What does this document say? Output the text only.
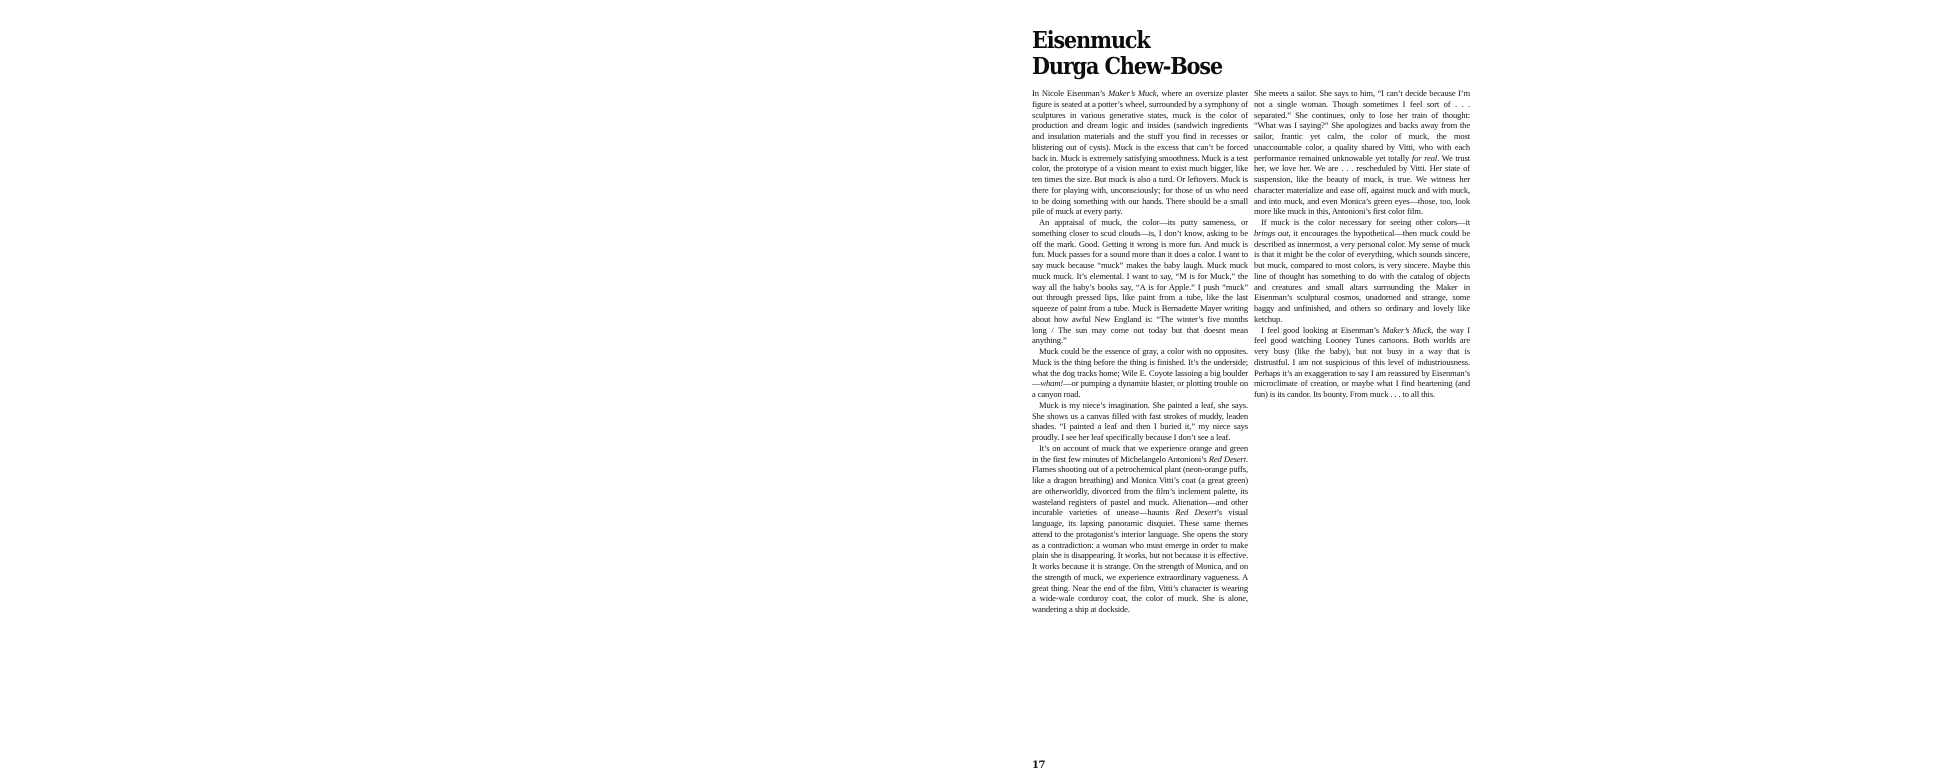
Eisenmuck
Durga Chew-Bose

In Nicole Eisenman’s Maker’s Muck, where an oversize plaster figure is seated at a potter’s wheel, surrounded by a symphony of sculptures in various generative states, muck is the color of production and dream logic and insides (sandwich ingredients and insulation materials and the stuff you find in recesses or blistering out of cysts). Muck is the excess that can’t be forced back in. Muck is extremely satisfying smoothness. Muck is a test color, the prototype of a vision meant to exist much bigger, like ten times the size. But muck is also a turd. Or leftovers. Muck is there for playing with, unconsciously; for those of us who need to be doing something with our hands. There should be a small pile of muck at every party.

An appraisal of muck, the color—its putty sameness, or something closer to scud clouds—is, I don’t know, asking to be off the mark. Good. Getting it wrong is more fun. And muck is fun. Muck passes for a sound more than it does a color. I want to say muck because “muck” makes the baby laugh. Muck muck muck muck. It’s elemental. I want to say, “M is for Muck,” the way all the baby’s books say, “A is for Apple.” I push “muck” out through pressed lips, like paint from a tube, like the last squeeze of paint from a tube. Muck is Bernadette Mayer writing about how awful New England is: “The winter’s five months long / The sun may come out today but that doesnt mean anything.”

Muck could be the essence of gray, a color with no opposites. Muck is the thing before the thing is finished. It’s the underside; what the dog tracks home; Wile E. Coyote lassoing a big boulder—wham!—or pumping a dynamite blaster, or plotting trouble on a canyon road.

Muck is my niece’s imagination. She painted a leaf, she says. She shows us a canvas filled with fast strokes of muddy, leaden shades. “I painted a leaf and then I buried it,” my niece says proudly. I see her leaf specifically because I don’t see a leaf.

It’s on account of muck that we experience orange and green in the first few minutes of Michelangelo Antonioni’s Red Desert. Flames shooting out of a petrochemical plant (neon-orange puffs, like a dragon breathing) and Monica Vitti’s coat (a great green) are otherworldly, divorced from the film’s inclement palette, its wasteland registers of pastel and muck. Alienation—and other incurable varieties of unease—haunts Red Desert’s visual language, its lapsing panoramic disquiet. These same themes attend to the protagonist’s interior language. She opens the story as a contradiction: a woman who must emerge in order to make plain she is disappearing. It works, but not because it is effective. It works because it is strange. On the strength of Monica, and on the strength of muck, we experience extraordinary vagueness. A great thing. Near the end of the film, Vitti’s character is wearing a wide-wale corduroy coat, the color of muck. She is alone, wandering a ship at dockside.

She meets a sailor. She says to him, “I can’t decide because I’m not a single woman. Though sometimes I feel sort of . . . separated.” She continues, only to lose her train of thought: “What was I saying?” She apologizes and backs away from the sailor, frantic yet calm, the color of muck, the most unaccountable color, a quality shared by Vitti, who with each performance remained unknowable yet totally for real. We trust her, we love her. We are . . . rescheduled by Vitti. Her state of suspension, like the beauty of muck, is true. We witness her character materialize and ease off, against muck and with muck, and into muck, and even Monica’s green eyes—those, too, look more like muck in this, Antonioni’s first color film.

If muck is the color necessary for seeing other colors—it brings out, it encourages the hypothetical—then muck could be described as innermost, a very personal color. My sense of muck is that it might be the color of everything, which sounds sincere, but muck, compared to most colors, is very sincere. Maybe this line of thought has something to do with the catalog of objects and creatures and small altars surrounding the Maker in Eisenman’s sculptural cosmos, unadorned and strange, some baggy and unfinished, and others so ordinary and lovely like ketchup.

I feel good looking at Eisenman’s Maker’s Muck, the way I feel good watching Looney Tunes cartoons. Both worlds are very busy (like the baby), but not busy in a way that is distrustful. I am not suspicious of this level of industriousness. Perhaps it’s an exaggeration to say I am reassured by Eisenman’s microclimate of creation, or maybe what I find heartening (and fun) is its candor. Its bounty. From muck . . . to all this.

17
